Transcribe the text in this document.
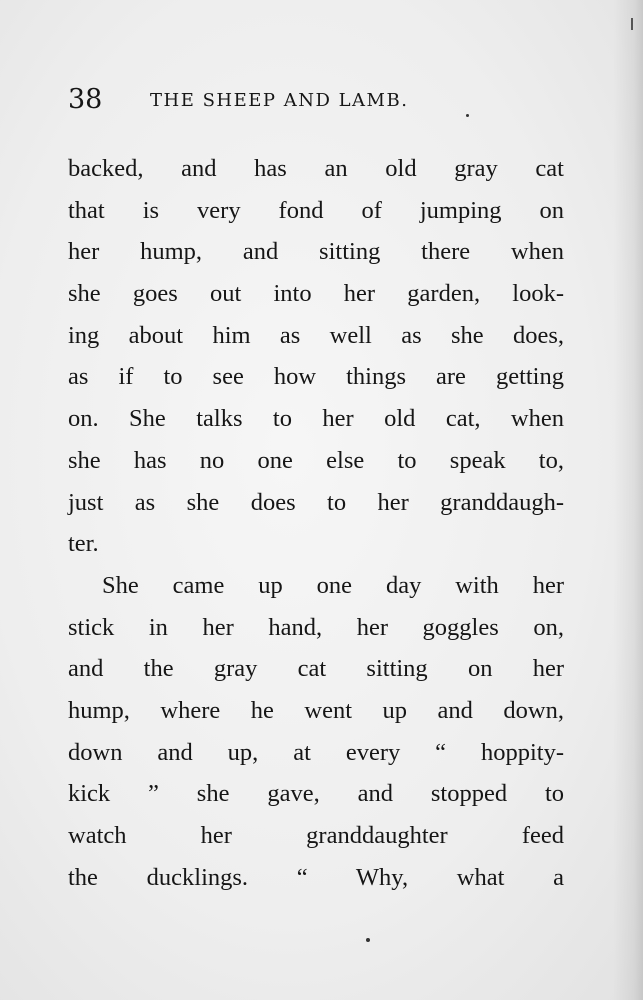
38	THE SHEEP AND LAMB.
backed, and has an old gray cat
that is very fond of jumping on
her hump, and sitting there when
she goes out into her garden, look-
ing about him as well as she does,
as if to see how things are getting
on. She talks to her old cat, when
she has no one else to speak to,
just as she does to her granddaugh-
ter.
She came up one day with her
stick in her hand, her goggles on,
and the gray cat sitting on her
hump, where he went up and down,
down and up, at every “ hoppity-
kick ” she gave, and stopped to
watch her granddaughter feed
the ducklings. “ Why, what a
